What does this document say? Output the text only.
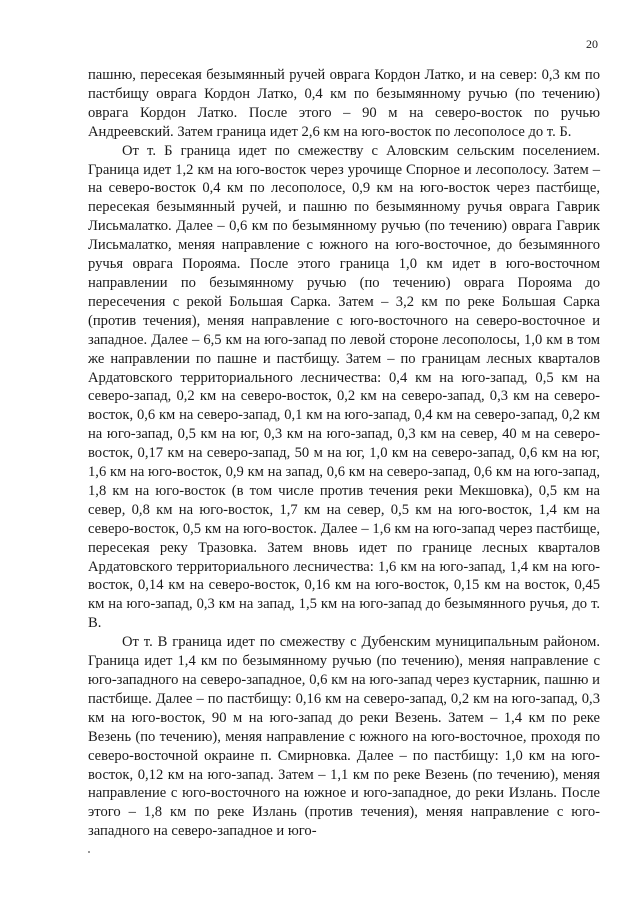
20

пашню, пересекая безымянный ручей оврага Кордон Латко, и на север: 0,3 км по пастбищу оврага Кордон Латко, 0,4 км по безымянному ручью (по течению) оврага Кордон Латко. После этого – 90 м на северо-восток по ручью Андреевский. Затем граница идет 2,6 км на юго-восток по лесополосе до т. Б.

От т. Б граница идет по смежеству с Аловским сельским поселением. Граница идет 1,2 км на юго-восток через урочище Спорное и лесополосу. Затем – на северо-восток 0,4 км по лесополосе, 0,9 км на юго-восток через пастбище, пересекая безымянный ручей, и пашню по безымянному ручья оврага Гаврик Лисьмалатко. Далее – 0,6 км по безымянному ручью (по течению) оврага Гаврик Лисьмалатко, меняя направление с южного на юго-восточное, до безымянного ручья оврага Порояма. После этого граница 1,0 км идет в юго-восточном направлении по безымянному ручью (по течению) оврага Порояма до пересечения с рекой Большая Сарка. Затем – 3,2 км по реке Большая Сарка (против течения), меняя направление с юго-восточного на северо-восточное и западное. Далее – 6,5 км на юго-запад по левой стороне лесополосы, 1,0 км в том же направлении по пашне и пастбищу. Затем – по границам лесных кварталов Ардатовского территориального лесничества: 0,4 км на юго-запад, 0,5 км на северо-запад, 0,2 км на северо-восток, 0,2 км на северо-запад, 0,3 км на северо-восток, 0,6 км на северо-запад, 0,1 км на юго-запад, 0,4 км на северо-запад, 0,2 км на юго-запад, 0,5 км на юг, 0,3 км на юго-запад, 0,3 км на север, 40 м на северо-восток, 0,17 км на северо-запад, 50 м на юг, 1,0 км на северо-запад, 0,6 км на юг, 1,6 км на юго-восток, 0,9 км на запад, 0,6 км на северо-запад, 0,6 км на юго-запад, 1,8 км на юго-восток (в том числе против течения реки Мекшовка), 0,5 км на север, 0,8 км на юго-восток, 1,7 км на север, 0,5 км на юго-восток, 1,4 км на северо-восток, 0,5 км на юго-восток. Далее – 1,6 км на юго-запад через пастбище, пересекая реку Тразовка. Затем вновь идет по границе лесных кварталов Ардатовского территориального лесничества: 1,6 км на юго-запад, 1,4 км на юго-восток, 0,14 км на северо-восток, 0,16 км на юго-восток, 0,15 км на восток, 0,45 км на юго-запад, 0,3 км на запад, 1,5 км на юго-запад до безымянного ручья, до т. В.

От т. В граница идет по смежеству с Дубенским муниципальным районом. Граница идет 1,4 км по безымянному ручью (по течению), меняя направление с юго-западного на северо-западное, 0,6 км на юго-запад через кустарник, пашню и пастбище. Далее – по пастбищу: 0,16 км на северо-запад, 0,2 км на юго-запад, 0,3 км на юго-восток, 90 м на юго-запад до реки Везень. Затем – 1,4 км по реке Везень (по течению), меняя направление с южного на юго-восточное, проходя по северо-восточной окраине п. Смирновка. Далее – по пастбищу: 1,0 км на юго-восток, 0,12 км на юго-запад. Затем – 1,1 км по реке Везень (по течению), меняя направление с юго-восточного на южное и юго-западное, до реки Излань. После этого – 1,8 км по реке Излань (против течения), меняя направление с юго-западного на северо-западное и юго-
